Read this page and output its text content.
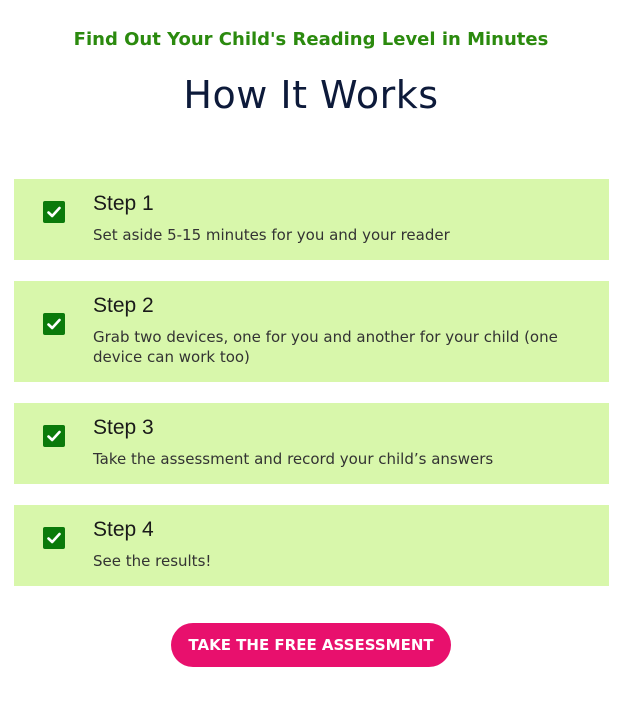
Find Out Your Child's Reading Level in Minutes
How It Works
Step 1
Set aside 5-15 minutes for you and your reader
Step 2
Grab two devices, one for you and another for your child (one device can work too)
Step 3
Take the assessment and record your child’s answers
Step 4
See the results!
TAKE THE FREE ASSESSMENT
